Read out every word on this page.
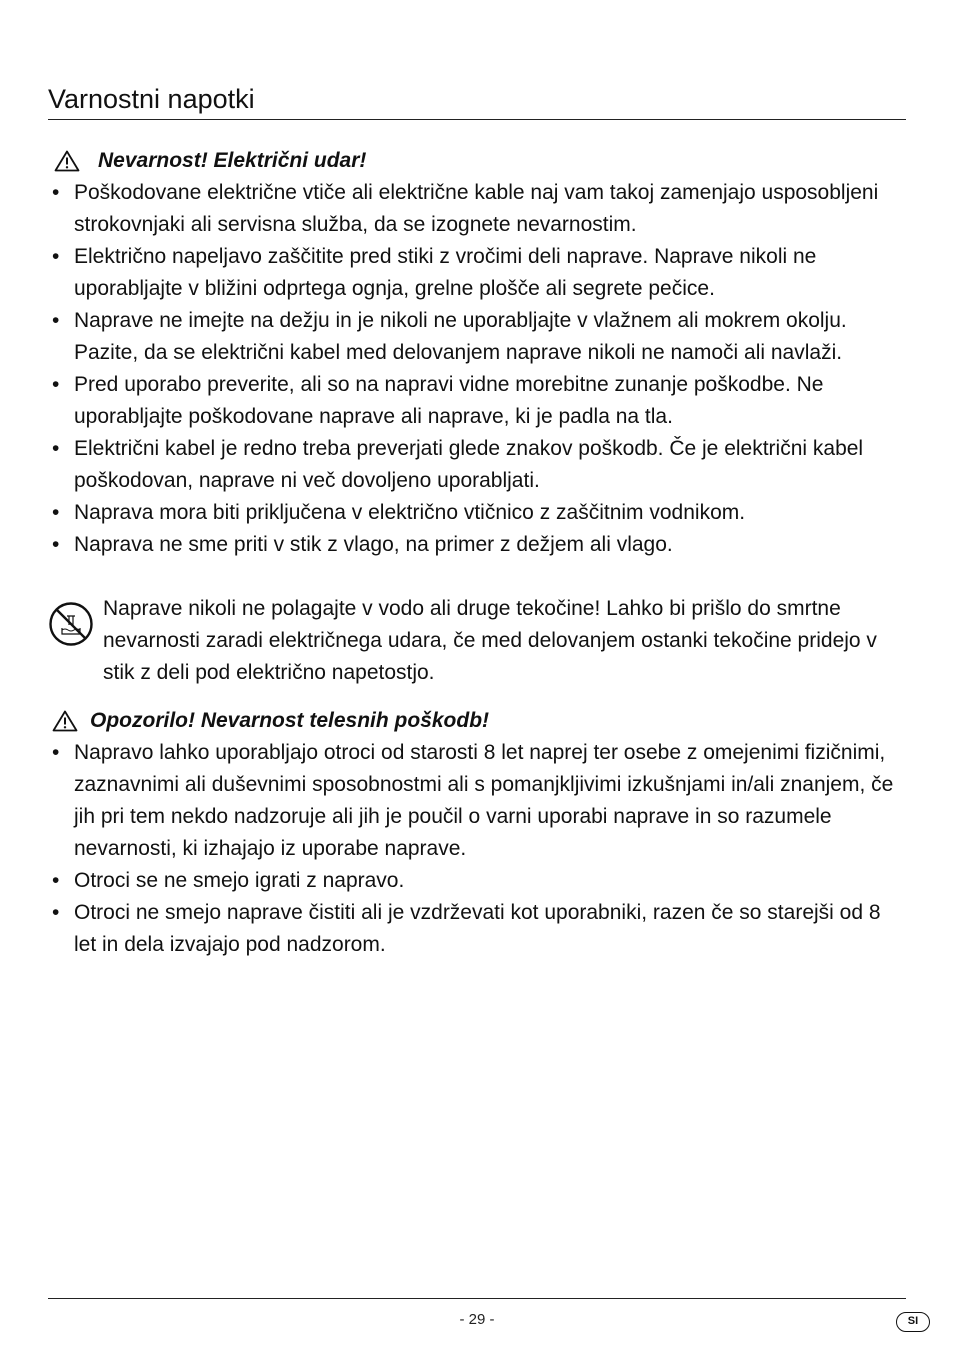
Varnostni napotki
Nevarnost! Električni udar!
• Poškodovane električne vtiče ali električne kable naj vam takoj zamenjajo usposobljeni strokovnjaki ali servisna služba, da se izognete nevarnostim.
• Električno napeljavo zaščitite pred stiki z vročimi deli naprave. Naprave nikoli ne uporabljajte v bližini odprtega ognja, grelne plošče ali segrete pečice.
• Naprave ne imejte na dežju in je nikoli ne uporabljajte v vlažnem ali mokrem okolju. Pazite, da se električni kabel med delovanjem naprave nikoli ne namoči ali navlaži.
• Pred uporabo preverite, ali so na napravi vidne morebitne zunanje poškodbe. Ne uporabljajte poškodovane naprave ali naprave, ki je padla na tla.
• Električni kabel je redno treba preverjati glede znakov poškodb. Če je električni kabel poškodovan, naprave ni več dovoljeno uporabljati.
• Naprava mora biti priključena v električno vtičnico z zaščitnim vodnikom.
• Naprava ne sme priti v stik z vlago, na primer z dežjem ali vlago.
Naprave nikoli ne polagajte v vodo ali druge tekočine! Lahko bi prišlo do smrtne nevarnosti zaradi električnega udara, če med delovanjem ostanki tekočine pridejo v stik z deli pod električno napetostjo.
Opozorilo! Nevarnost telesnih poškodb!
• Napravo lahko uporabljajo otroci od starosti 8 let naprej ter osebe z omejenimi fizičnimi, zaznavnimi ali duševnimi sposobnostmi ali s pomanjkljivimi izkušnjami in/ali znanjem, če jih pri tem nekdo nadzoruje ali jih je poučil o varni uporabi naprave in so razumele nevarnosti, ki izhajajo iz uporabe naprave.
• Otroci se ne smejo igrati z napravo.
• Otroci ne smejo naprave čistiti ali je vzdrževati kot uporabniki, razen če so starejši od 8 let in dela izvajajo pod nadzorom.
- 29 -	SI
